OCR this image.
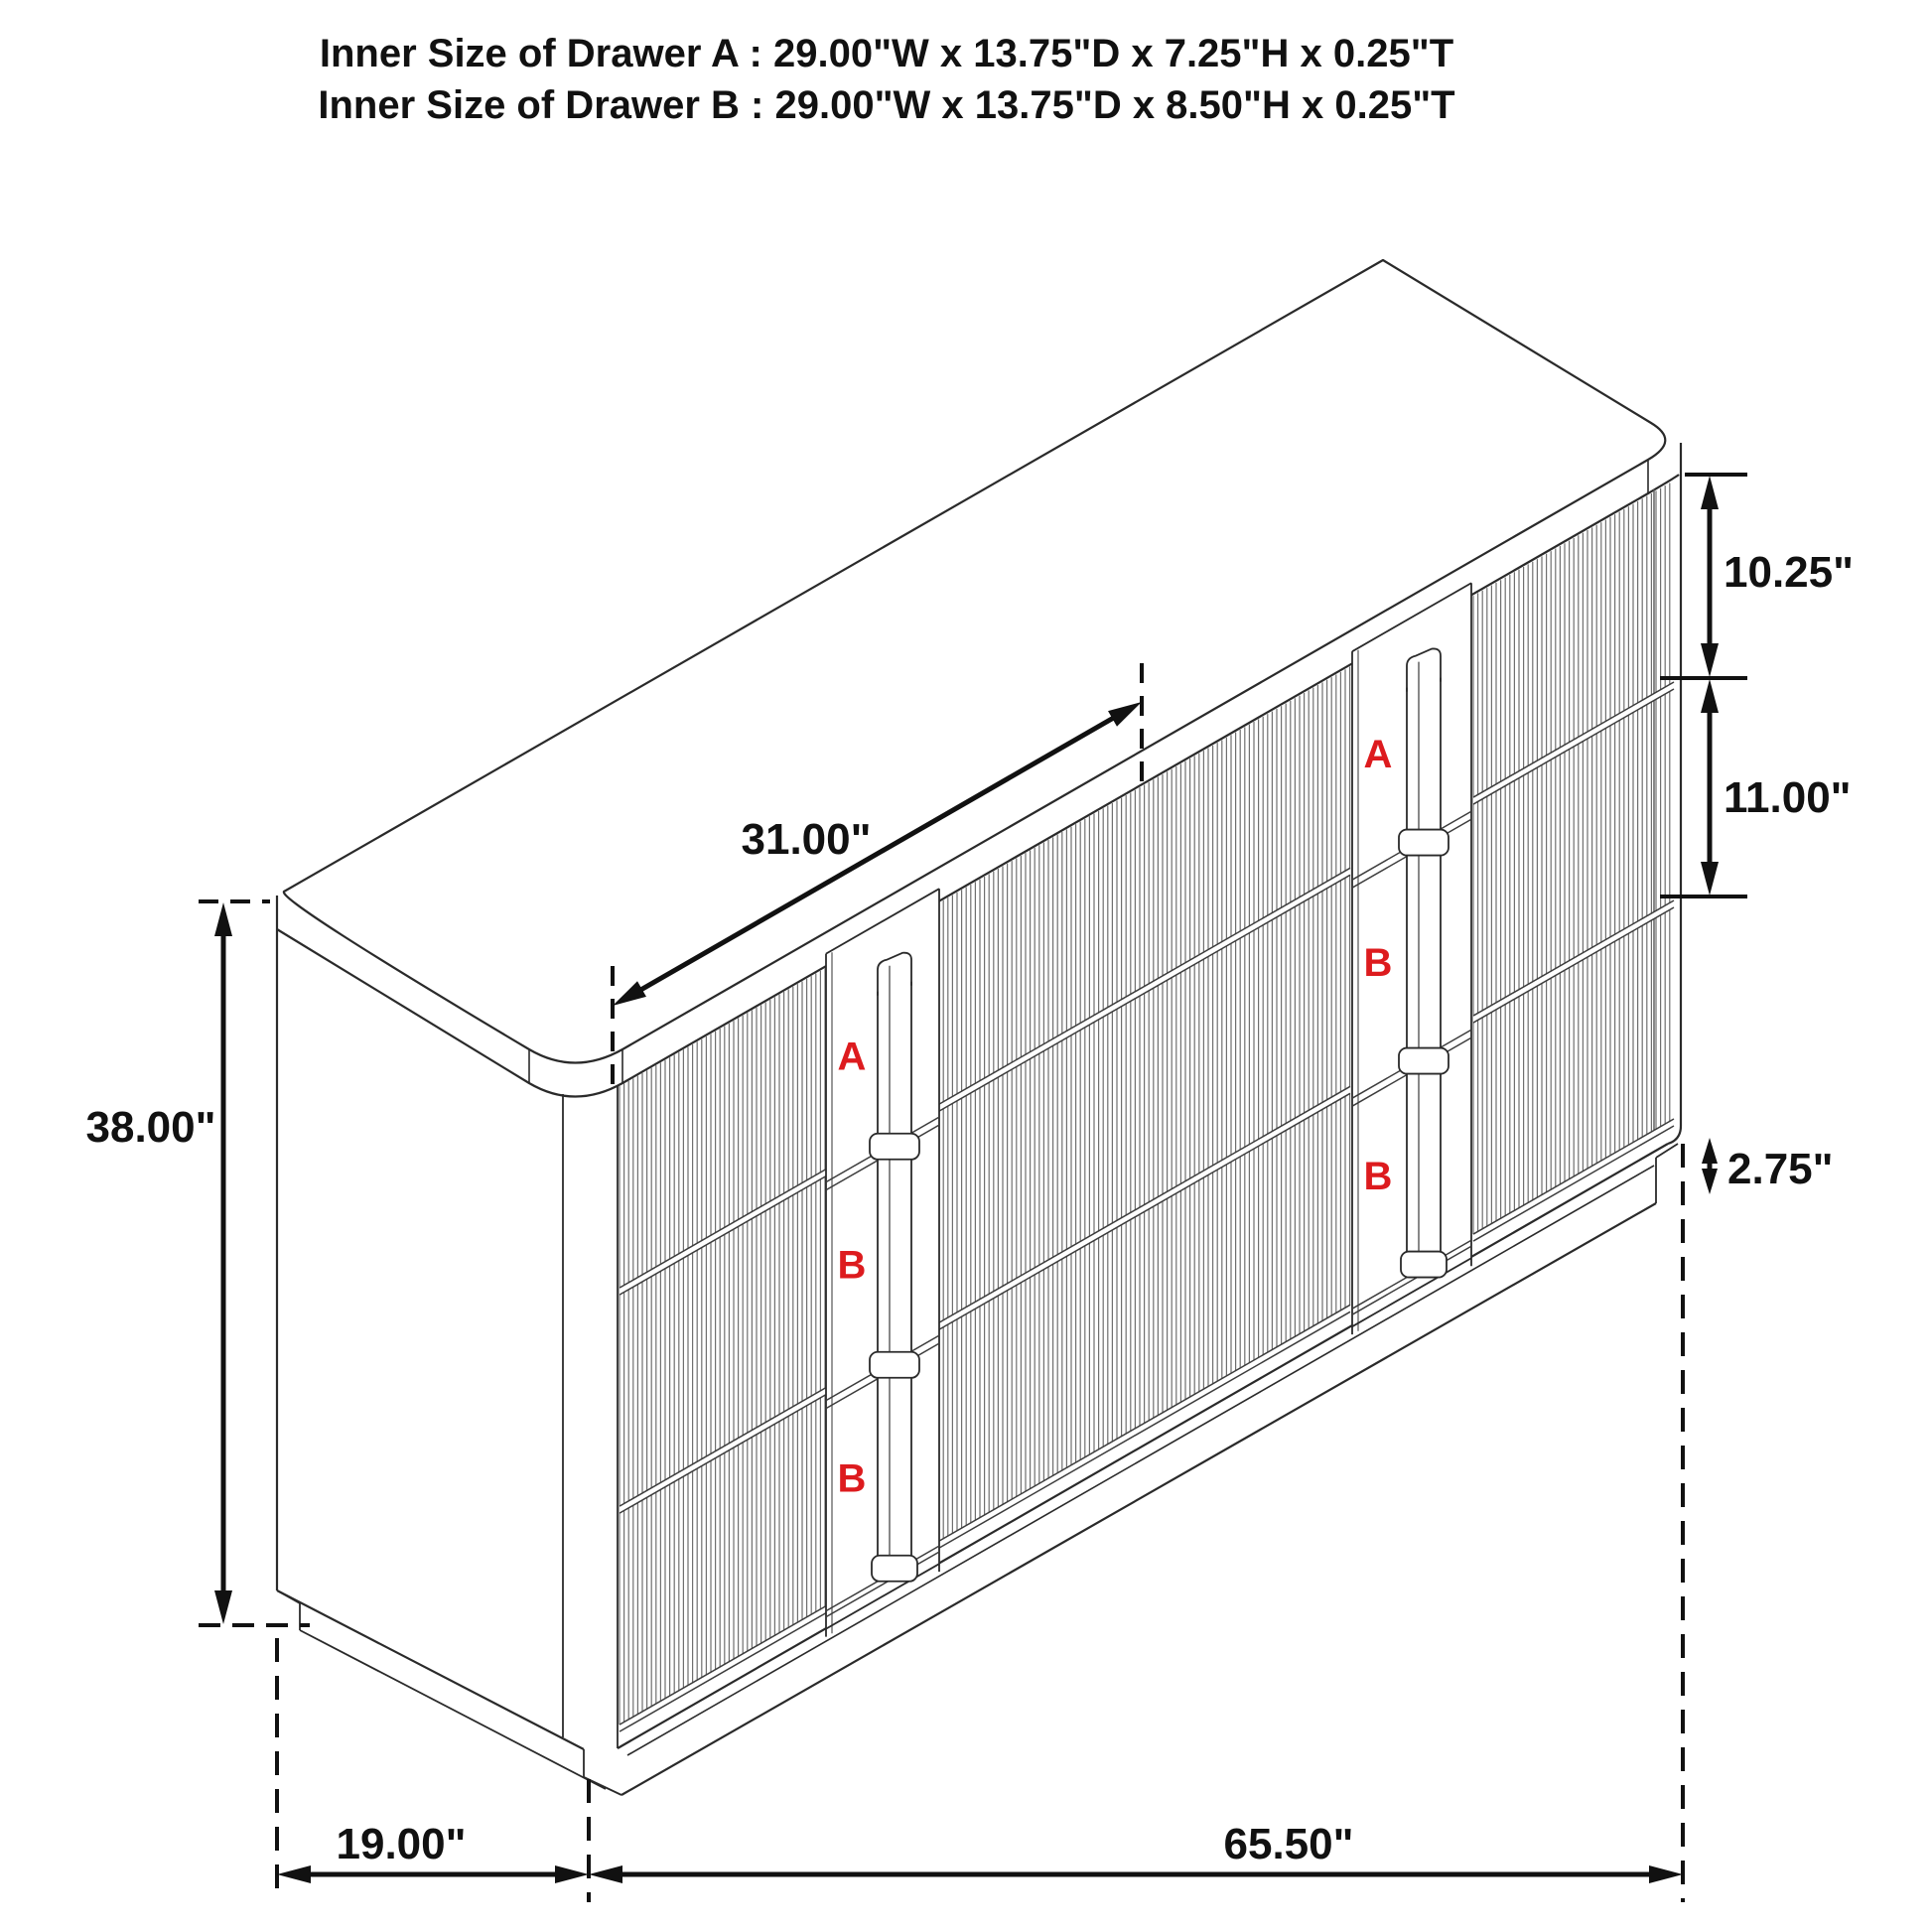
Inner Size of Drawer A : 29.00"W x 13.75"D x 7.25"H x 0.25"T
Inner Size of Drawer B : 29.00"W x 13.75"D x 8.50"H x 0.25"T
A
B
B
A
B
B
10.25"
11.00"
2.75"
38.00"
31.00"
19.00"	65.50"
